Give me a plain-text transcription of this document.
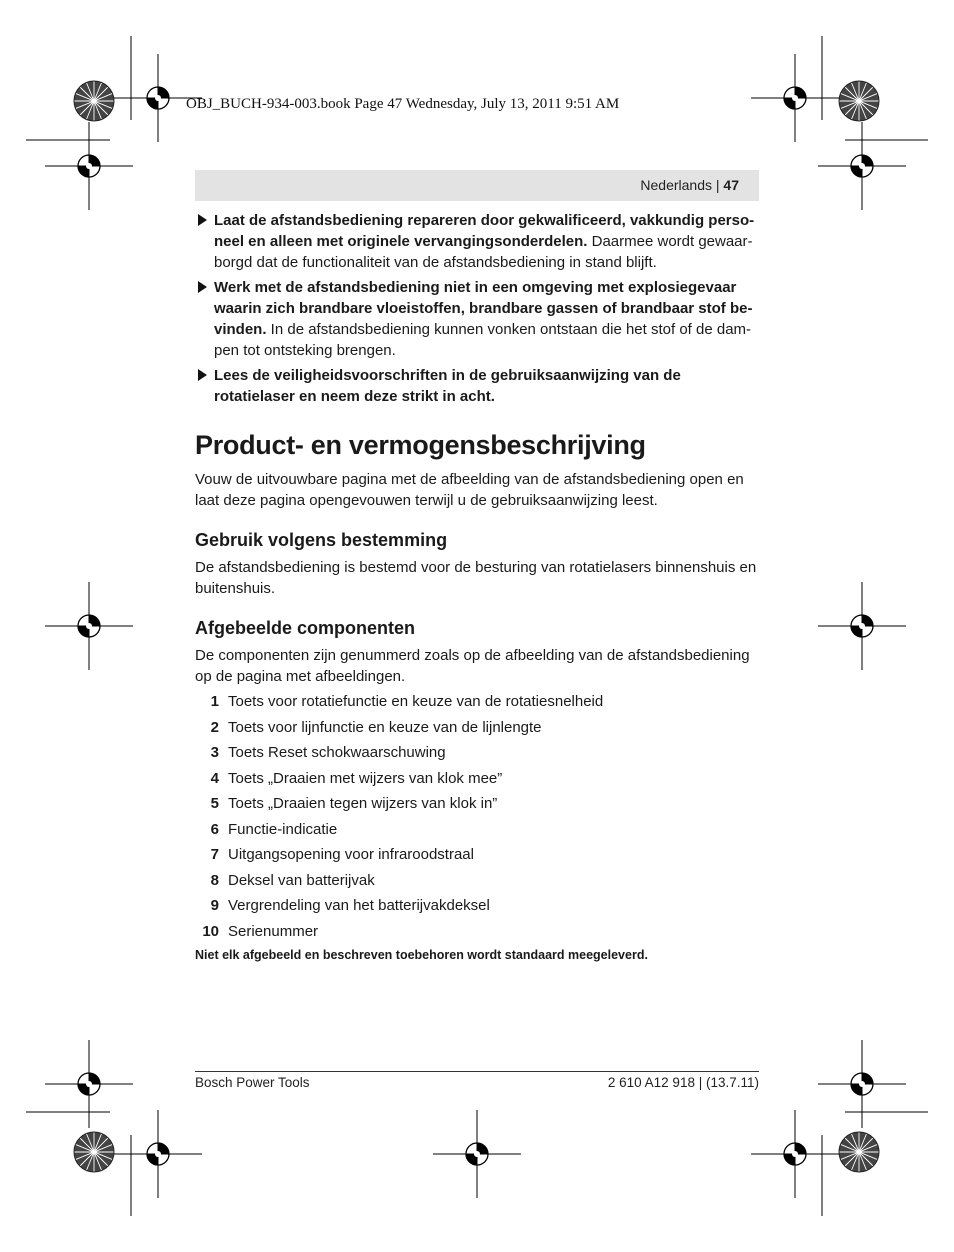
OBJ_BUCH-934-003.book Page 47 Wednesday, July 13, 2011 9:51 AM
Nederlands | 47
Laat de afstandsbediening repareren door gekwalificeerd, vakkundig perso-neel en alleen met originele vervangingsonderdelen. Daarmee wordt gewaar-borgd dat de functionaliteit van de afstandsbediening in stand blijft.
Werk met de afstandsbediening niet in een omgeving met explosiegevaar waarin zich brandbare vloeistoffen, brandbare gassen of brandbaar stof be-vinden. In de afstandsbediening kunnen vonken ontstaan die het stof of de dam-pen tot ontsteking brengen.
Lees de veiligheidsvoorschriften in de gebruiksaanwijzing van de rotatielaser en neem deze strikt in acht.
Product- en vermogensbeschrijving

Vouw de uitvouwbare pagina met de afbeelding van de afstandsbediening open en laat deze pagina opengevouwen terwijl u de gebruiksaanwijzing leest.

Gebruik volgens bestemming

De afstandsbediening is bestemd voor de besturing van rotatielasers binnenshuis en buitenshuis.

Afgebeelde componenten

De componenten zijn genummerd zoals op de afbeelding van de afstandsbediening op de pagina met afbeeldingen.

1 Toets voor rotatiefunctie en keuze van de rotatiesnelheid
2 Toets voor lijnfunctie en keuze van de lijnlengte
3 Toets Reset schokwaarschuwing
4 Toets „Draaien met wijzers van klok mee”
5 Toets „Draaien tegen wijzers van klok in”
6 Functie-indicatie
7 Uitgangsopening voor infraroodstraal
8 Deksel van batterijvak
9 Vergrendeling van het batterijvakdeksel
10 Serienummer
Niet elk afgebeeld en beschreven toebehoren wordt standaard meegeleverd.
Bosch Power Tools	2 610 A12 918 | (13.7.11)
